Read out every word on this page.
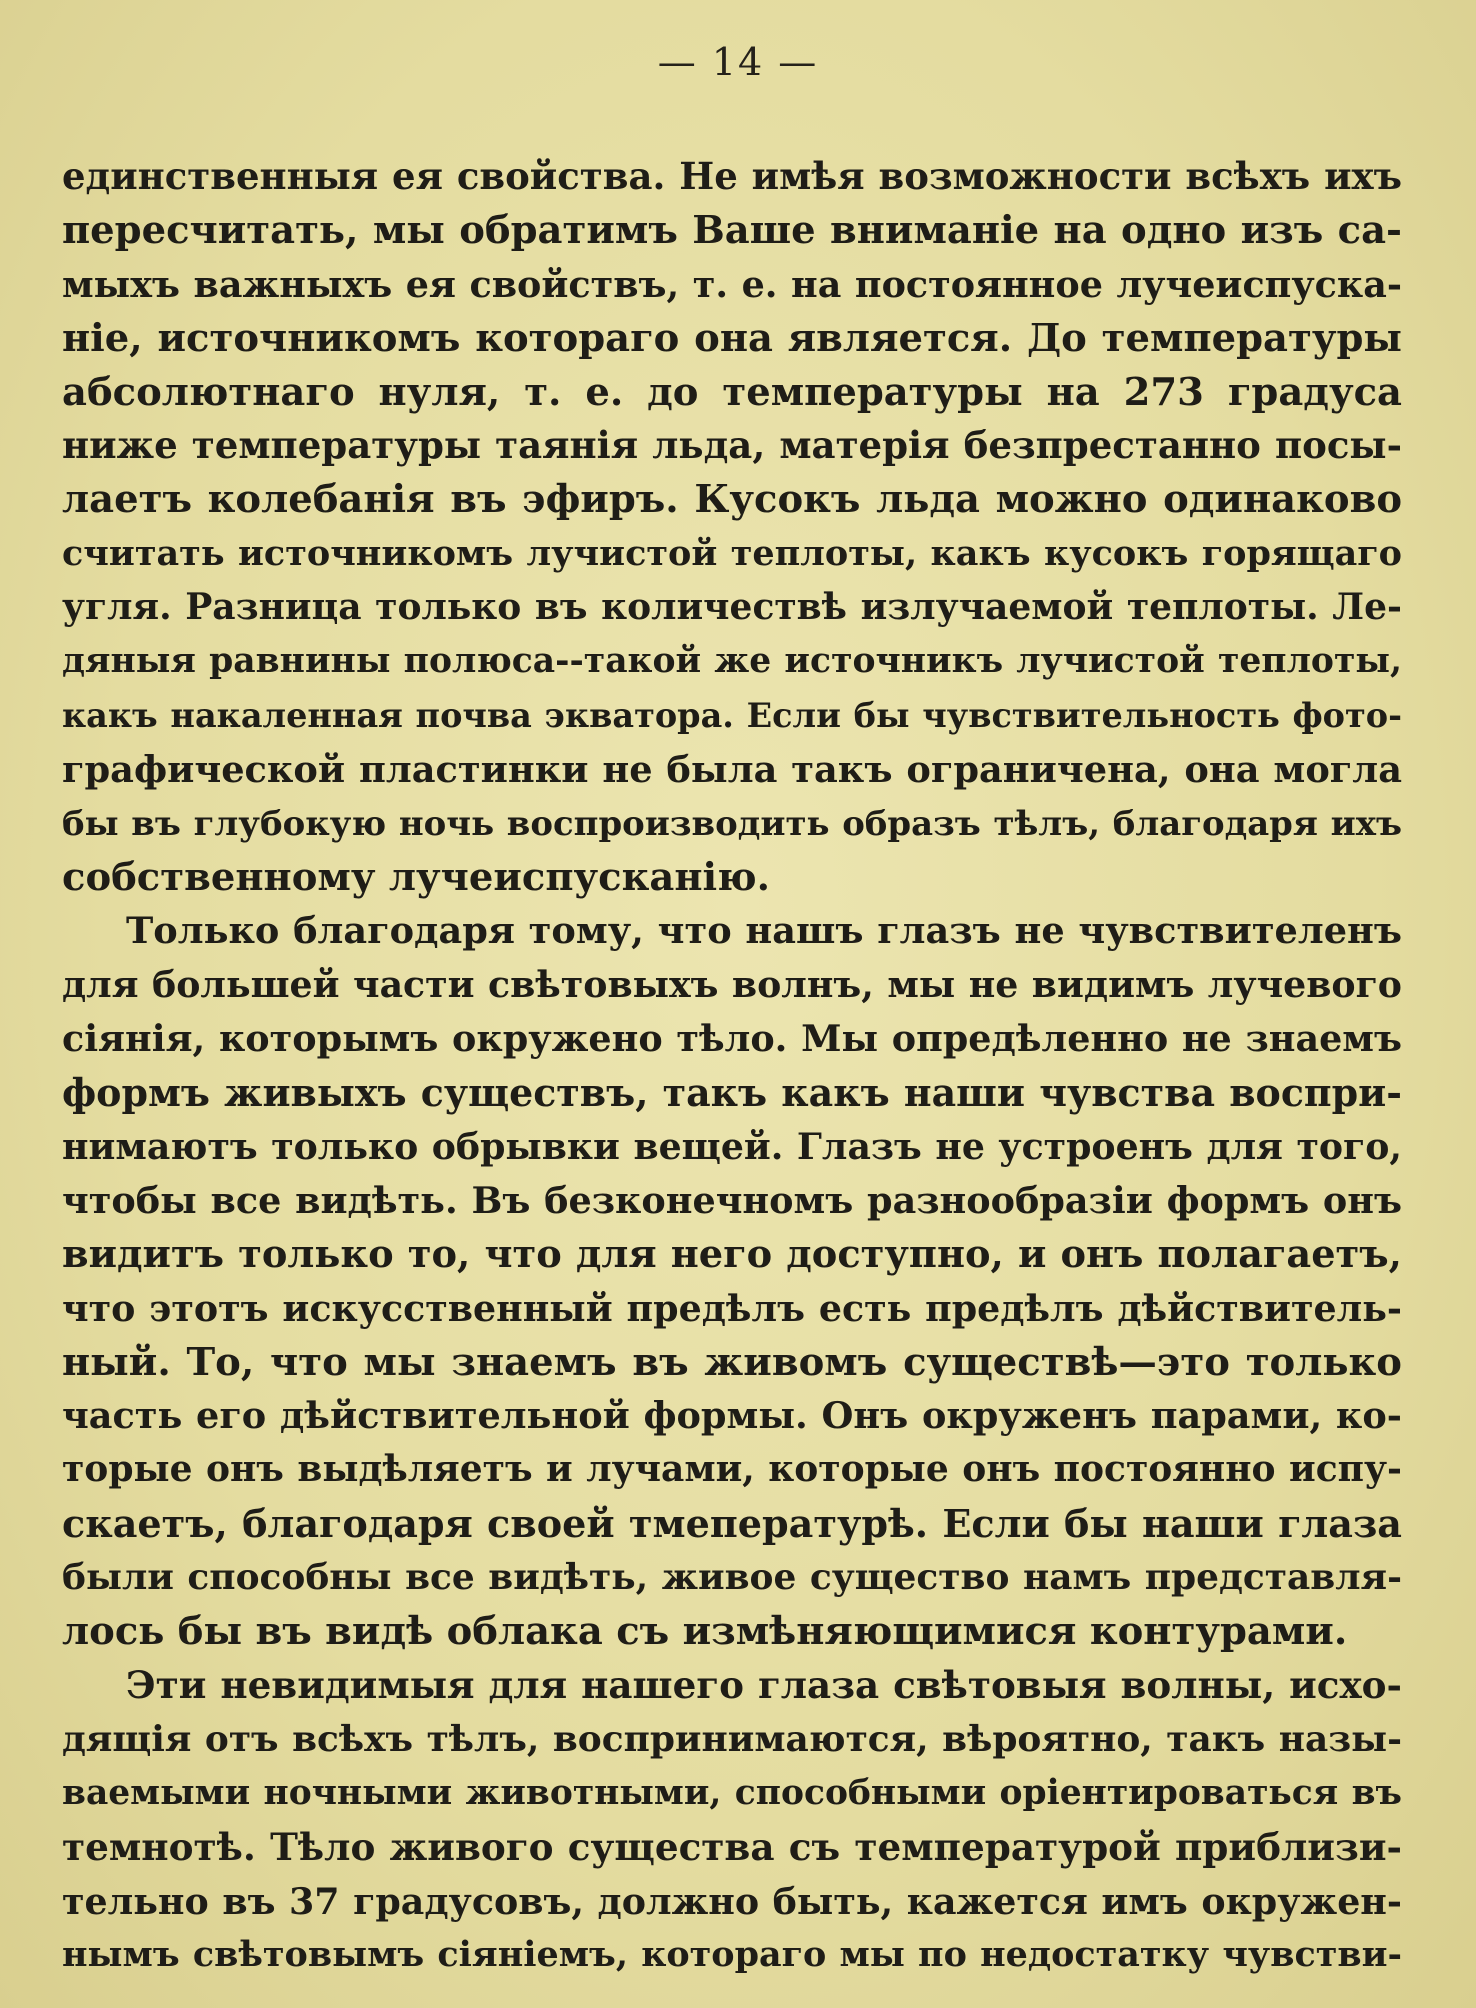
— 14 —
единственныя ея свойства. Не имѣя возможности всѣхъ ихъ
пересчитать, мы обратимъ Ваше вниманіе на одно изъ са-
мыхъ важныхъ ея свойствъ, т. е. на постоянное лучеиспуска-
ніе, источникомъ котораго она является. До температуры
абсолютнаго нуля, т. е. до температуры на 273 градуса
ниже температуры таянія льда, матерія безпрестанно посы-
лаетъ колебанія въ эфиръ. Кусокъ льда можно одинаково
считать источникомъ лучистой теплоты, какъ кусокъ горящаго
угля. Разница только въ количествѣ излучаемой теплоты. Ле-
дяныя равнины полюса--такой же источникъ лучистой теплоты,
какъ накаленная почва экватора. Если бы чувствительность фото-
графической пластинки не была такъ ограничена, она могла
бы въ глубокую ночь воспроизводить образъ тѣлъ, благодаря ихъ
собственному лучеиспусканію.
Только благодаря тому, что нашъ глазъ не чувствителенъ
для большей части свѣтовыхъ волнъ, мы не видимъ лучевого
сіянія, которымъ окружено тѣло. Мы опредѣленно не знаемъ
формъ живыхъ существъ, такъ какъ наши чувства воспри-
нимаютъ только обрывки вещей. Глазъ не устроенъ для того,
чтобы все видѣть. Въ безконечномъ разнообразіи формъ онъ
видитъ только то, что для него доступно, и онъ полагаетъ,
что этотъ искусственный предѣлъ есть предѣлъ дѣйствитель-
ный. То, что мы знаемъ въ живомъ существѣ—это только
часть его дѣйствительной формы. Онъ окруженъ парами, ко-
торые онъ выдѣляетъ и лучами, которые онъ постоянно испу-
скаетъ, благодаря своей тмепературѣ. Если бы наши глаза
были способны все видѣть, живое существо намъ представля-
лось бы въ видѣ облака съ измѣняющимися контурами.
Эти невидимыя для нашего глаза свѣтовыя волны, исхо-
дящія отъ всѣхъ тѣлъ, воспринимаются, вѣроятно, такъ назы-
ваемыми ночными животными, способными оріентироваться въ
темнотѣ. Тѣло живого существа съ температурой приблизи-
тельно въ 37 градусовъ, должно быть, кажется имъ окружен-
нымъ свѣтовымъ сіяніемъ, котораго мы по недостатку чувстви-
